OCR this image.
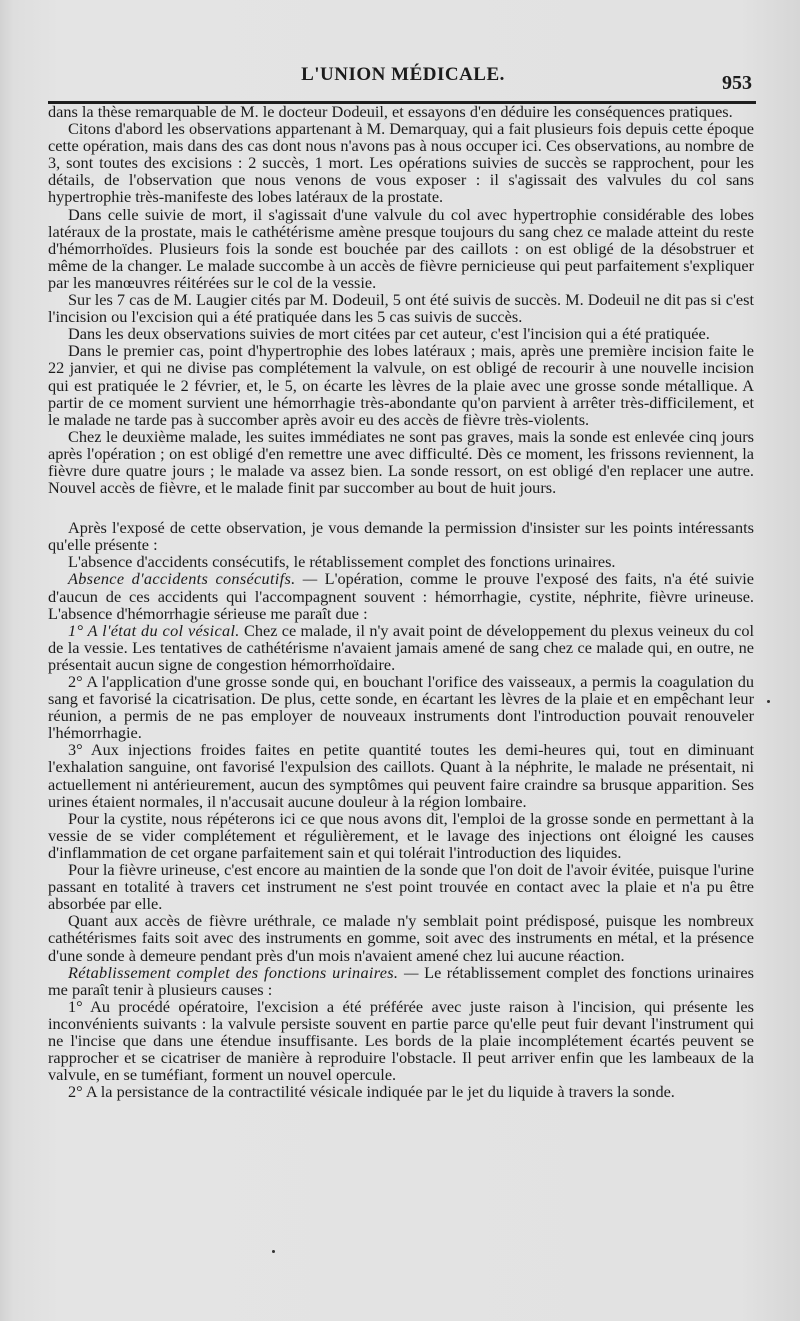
L'UNION MÉDICALE.	953

dans la thèse remarquable de M. le docteur Dodeuil, et essayons d'en déduire les conséquences pratiques.

Citons d'abord les observations appartenant à M. Demarquay, qui a fait plusieurs fois depuis cette époque cette opération, mais dans des cas dont nous n'avons pas à nous occuper ici. Ces observations, au nombre de 3, sont toutes des excisions : 2 succès, 1 mort. Les opérations suivies de succès se rapprochent, pour les détails, de l'observation que nous venons de vous exposer : il s'agissait des valvules du col sans hypertrophie très-manifeste des lobes latéraux de la prostate.

Dans celle suivie de mort, il s'agissait d'une valvule du col avec hypertrophie considérable des lobes latéraux de la prostate, mais le cathétérisme amène presque toujours du sang chez ce malade atteint du reste d'hémorrhoïdes. Plusieurs fois la sonde est bouchée par des caillots : on est obligé de la désobstruer et même de la changer. Le malade succombe à un accès de fièvre pernicieuse qui peut parfaitement s'expliquer par les manœuvres réitérées sur le col de la vessie.

Sur les 7 cas de M. Laugier cités par M. Dodeuil, 5 ont été suivis de succès. M. Dodeuil ne dit pas si c'est l'incision ou l'excision qui a été pratiquée dans les 5 cas suivis de succès.

Dans les deux observations suivies de mort citées par cet auteur, c'est l'incision qui a été pratiquée.

Dans le premier cas, point d'hypertrophie des lobes latéraux ; mais, après une première incision faite le 22 janvier, et qui ne divise pas complétement la valvule, on est obligé de recourir à une nouvelle incision qui est pratiquée le 2 février, et, le 5, on écarte les lèvres de la plaie avec une grosse sonde métallique. A partir de ce moment survient une hémorrhagie très-abondante qu'on parvient à arrêter très-difficilement, et le malade ne tarde pas à succomber après avoir eu des accès de fièvre très-violents.

Chez le deuxième malade, les suites immédiates ne sont pas graves, mais la sonde est enlevée cinq jours après l'opération ; on est obligé d'en remettre une avec difficulté. Dès ce moment, les frissons reviennent, la fièvre dure quatre jours ; le malade va assez bien. La sonde ressort, on est obligé d'en replacer une autre. Nouvel accès de fièvre, et le malade finit par succomber au bout de huit jours.

Après l'exposé de cette observation, je vous demande la permission d'insister sur les points intéressants qu'elle présente :

L'absence d'accidents consécutifs, le rétablissement complet des fonctions urinaires.

Absence d'accidents consécutifs. — L'opération, comme le prouve l'exposé des faits, n'a été suivie d'aucun de ces accidents qui l'accompagnent souvent : hémorrhagie, cystite, néphrite, fièvre urineuse. L'absence d'hémorrhagie sérieuse me paraît due :

1° A l'état du col vésical. Chez ce malade, il n'y avait point de développement du plexus veineux du col de la vessie. Les tentatives de cathétérisme n'avaient jamais amené de sang chez ce malade qui, en outre, ne présentait aucun signe de congestion hémorrhoïdaire.

2° A l'application d'une grosse sonde qui, en bouchant l'orifice des vaisseaux, a permis la coagulation du sang et favorisé la cicatrisation. De plus, cette sonde, en écartant les lèvres de la plaie et en empêchant leur réunion, a permis de ne pas employer de nouveaux instruments dont l'introduction pouvait renouveler l'hémorrhagie.

3° Aux injections froides faites en petite quantité toutes les demi-heures qui, tout en diminuant l'exhalation sanguine, ont favorisé l'expulsion des caillots. Quant à la néphrite, le malade ne présentait, ni actuellement ni antérieurement, aucun des symptômes qui peuvent faire craindre sa brusque apparition. Ses urines étaient normales, il n'accusait aucune douleur à la région lombaire.

Pour la cystite, nous répéterons ici ce que nous avons dit, l'emploi de la grosse sonde en permettant à la vessie de se vider complétement et régulièrement, et le lavage des injections ont éloigné les causes d'inflammation de cet organe parfaitement sain et qui tolérait l'introduction des liquides.

Pour la fièvre urineuse, c'est encore au maintien de la sonde que l'on doit de l'avoir évitée, puisque l'urine passant en totalité à travers cet instrument ne s'est point trouvée en contact avec la plaie et n'a pu être absorbée par elle.

Quant aux accès de fièvre uréthrale, ce malade n'y semblait point prédisposé, puisque les nombreux cathétérismes faits soit avec des instruments en gomme, soit avec des instruments en métal, et la présence d'une sonde à demeure pendant près d'un mois n'avaient amené chez lui aucune réaction.

Rétablissement complet des fonctions urinaires. — Le rétablissement complet des fonctions urinaires me paraît tenir à plusieurs causes :

1° Au procédé opératoire, l'excision a été préférée avec juste raison à l'incision, qui présente les inconvénients suivants : la valvule persiste souvent en partie parce qu'elle peut fuir devant l'instrument qui ne l'incise que dans une étendue insuffisante. Les bords de la plaie incomplétement écartés peuvent se rapprocher et se cicatriser de manière à reproduire l'obstacle. Il peut arriver enfin que les lambeaux de la valvule, en se tuméfiant, forment un nouvel opercule.

2° A la persistance de la contractilité vésicale indiquée par le jet du liquide à travers la sonde.
